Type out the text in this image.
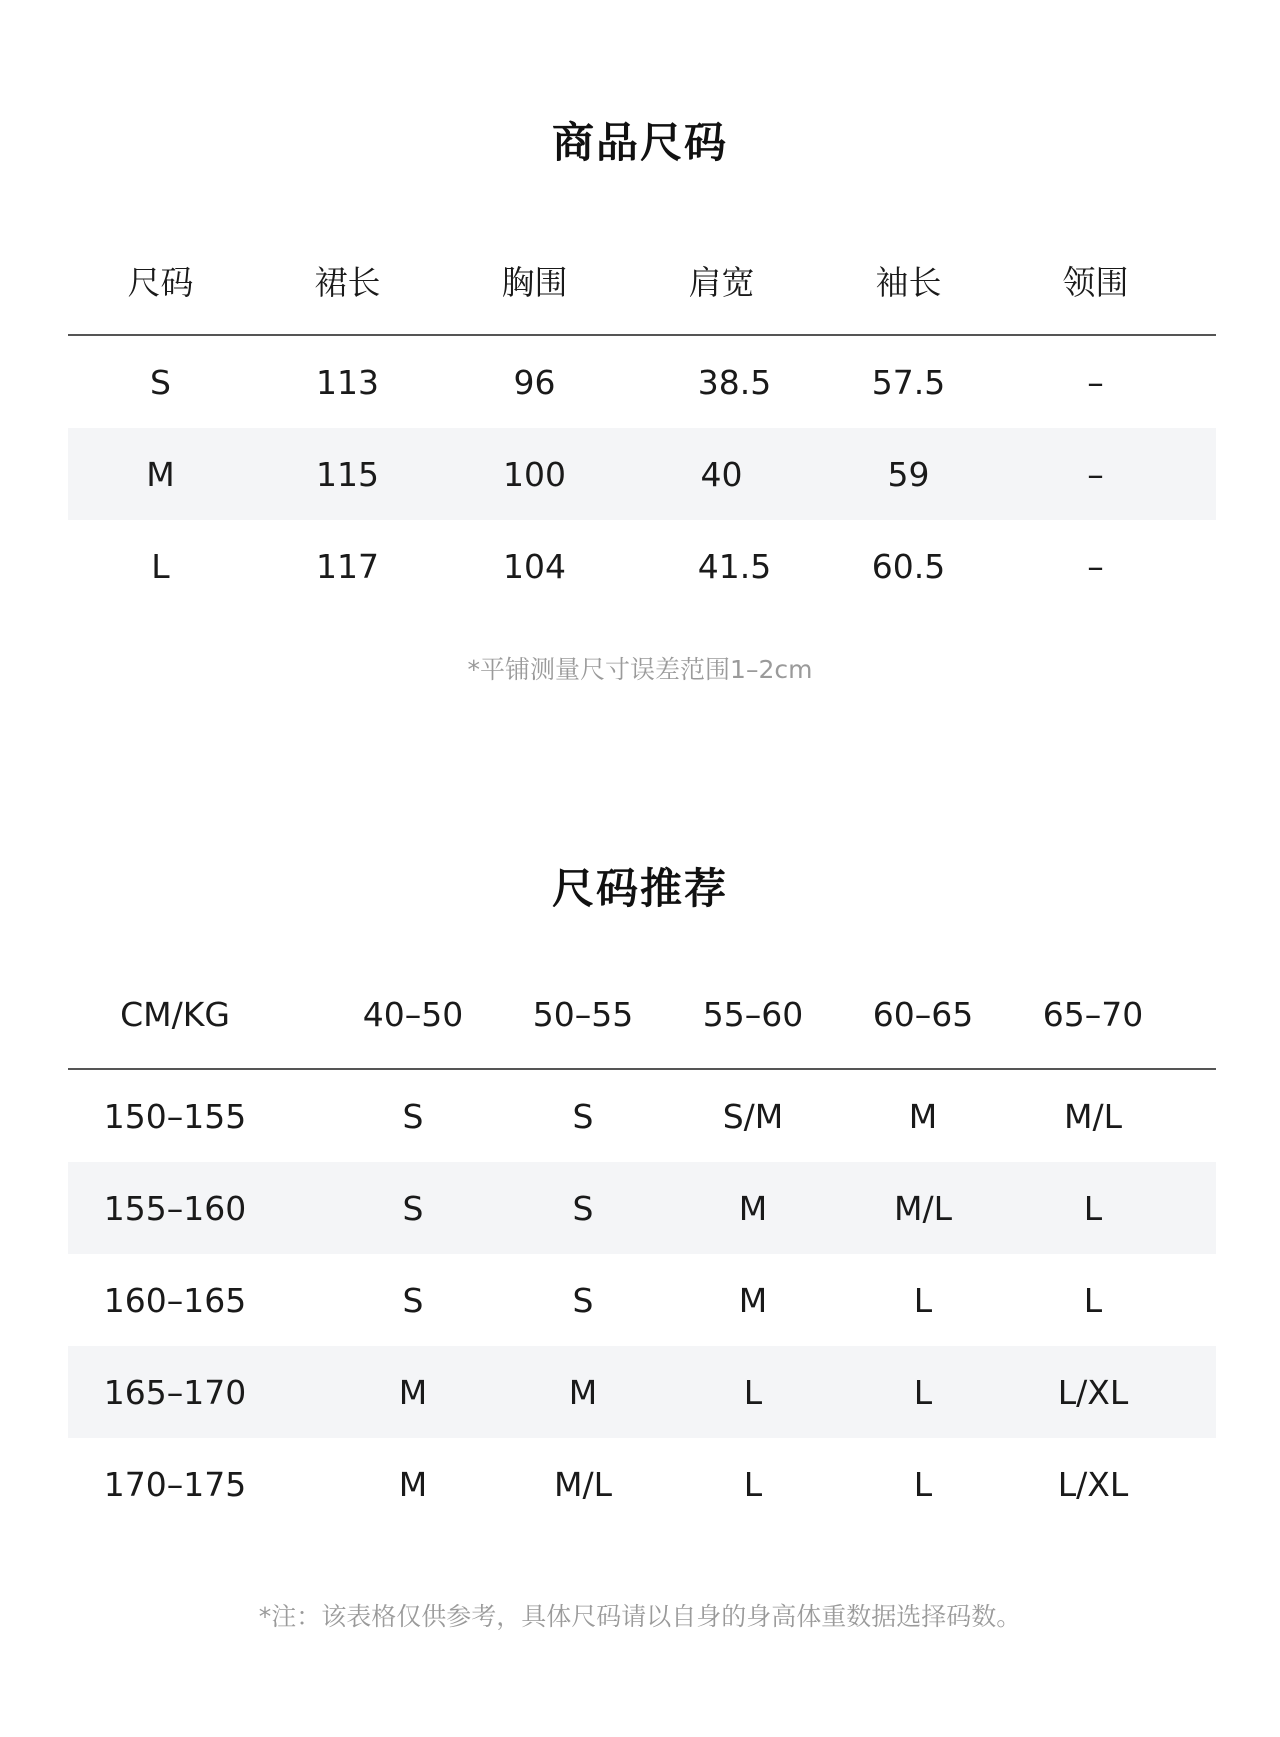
商品尺码
尺码	裙长	胸围	肩宽	袖长	领围
S	113	96	38.5	57.5	–
M	115	100	40	59	–
L	117	104	41.5	60.5	–
*平铺测量尺寸误差范围1–2cm
尺码推荐
CM/KG	40–50	50–55	55–60	60–65	65–70
150–155	S	S	S/M	M	M/L
155–160	S	S	M	M/L	L
160–165	S	S	M	L	L
165–170	M	M	L	L	L/XL
170–175	M	M/L	L	L	L/XL
*注：该表格仅供参考，具体尺码请以自身的身高体重数据选择码数。
